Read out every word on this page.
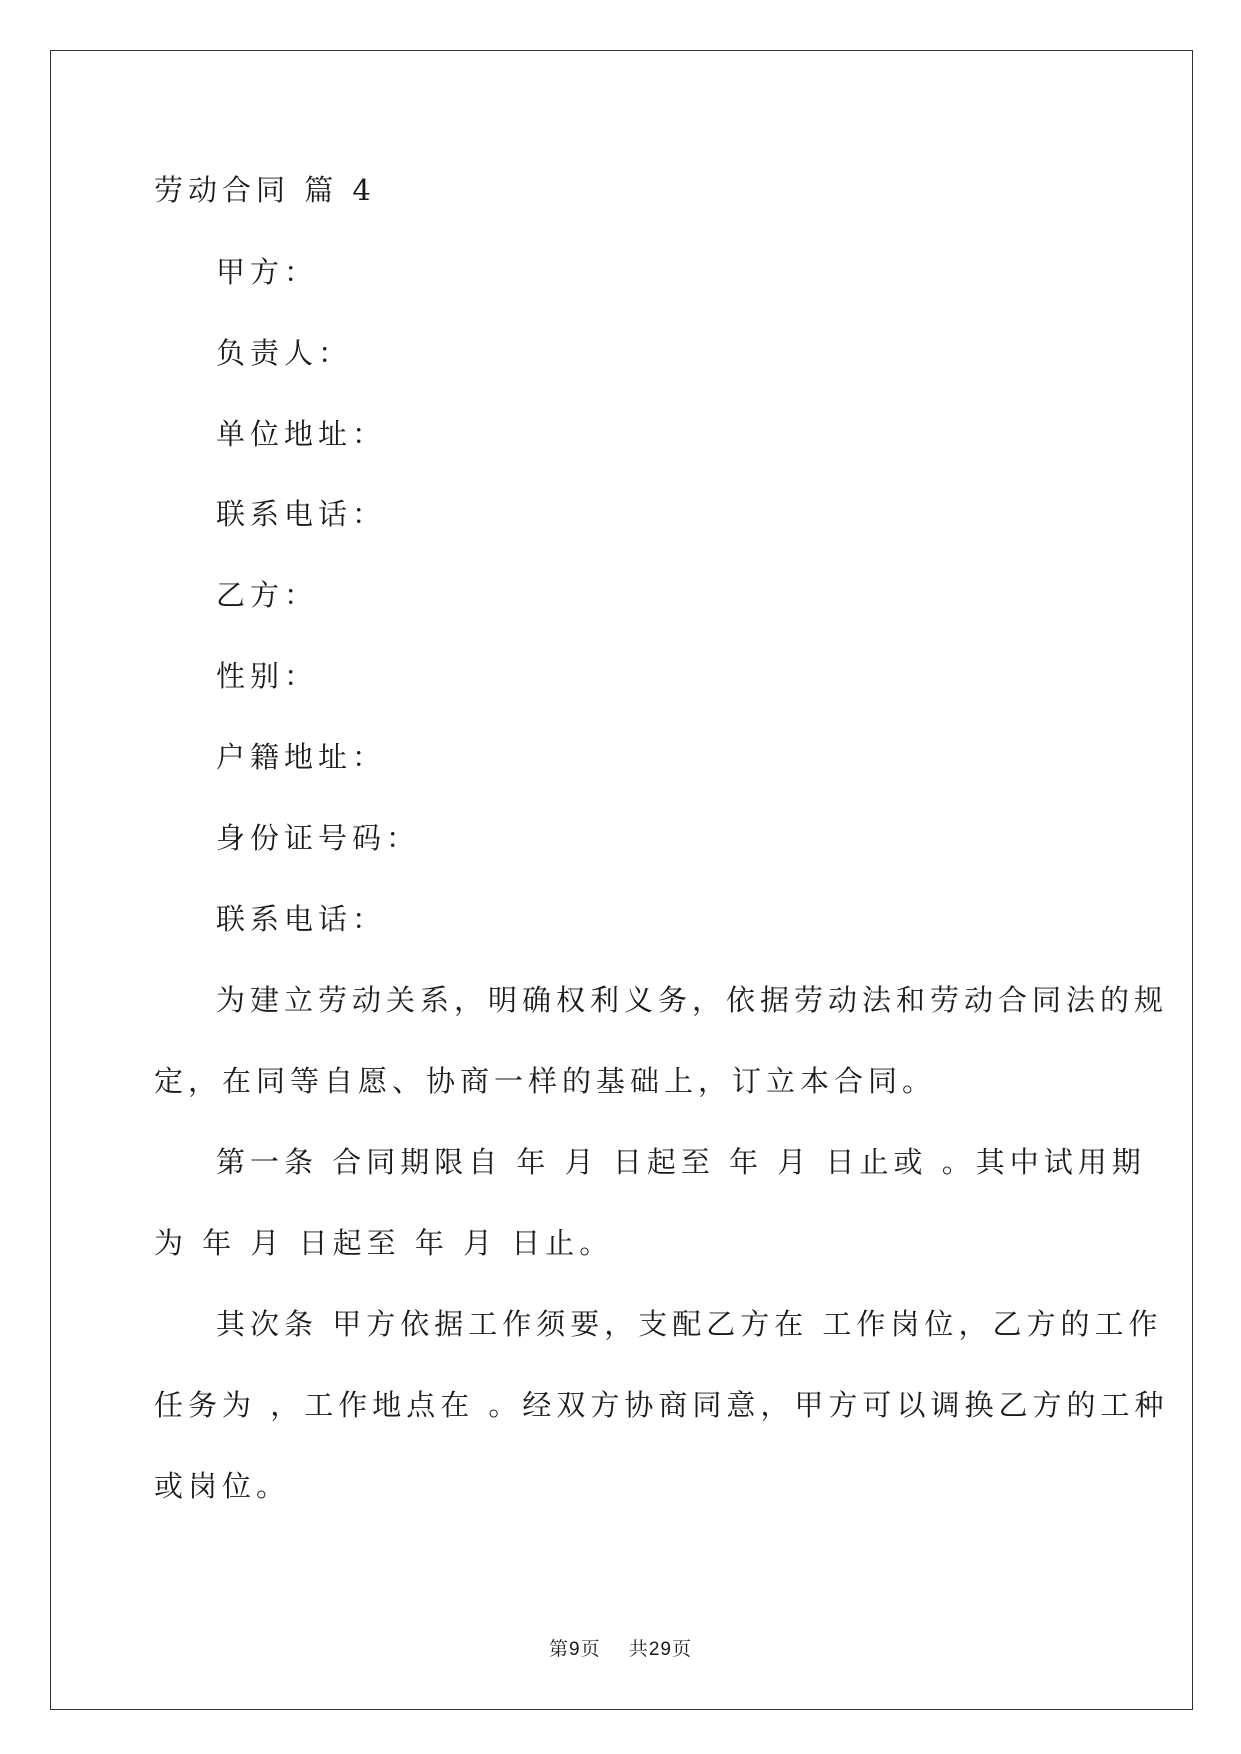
劳动合同 篇 4
甲方：
负责人：
单位地址：
联系电话：
乙方：
性别：
户籍地址：
身份证号码：
联系电话：
为建立劳动关系，明确权利义务，依据劳动法和劳动合同法的规
定，在同等自愿、协商一样的基础上，订立本合同。
第一条 合同期限自 年 月 日起至 年 月 日止或 。其中试用期
为 年 月 日起至 年 月 日止。
其次条 甲方依据工作须要，支配乙方在 工作岗位，乙方的工作
任务为 ，工作地点在 。经双方协商同意，甲方可以调换乙方的工种
或岗位。
第9页 共29页
